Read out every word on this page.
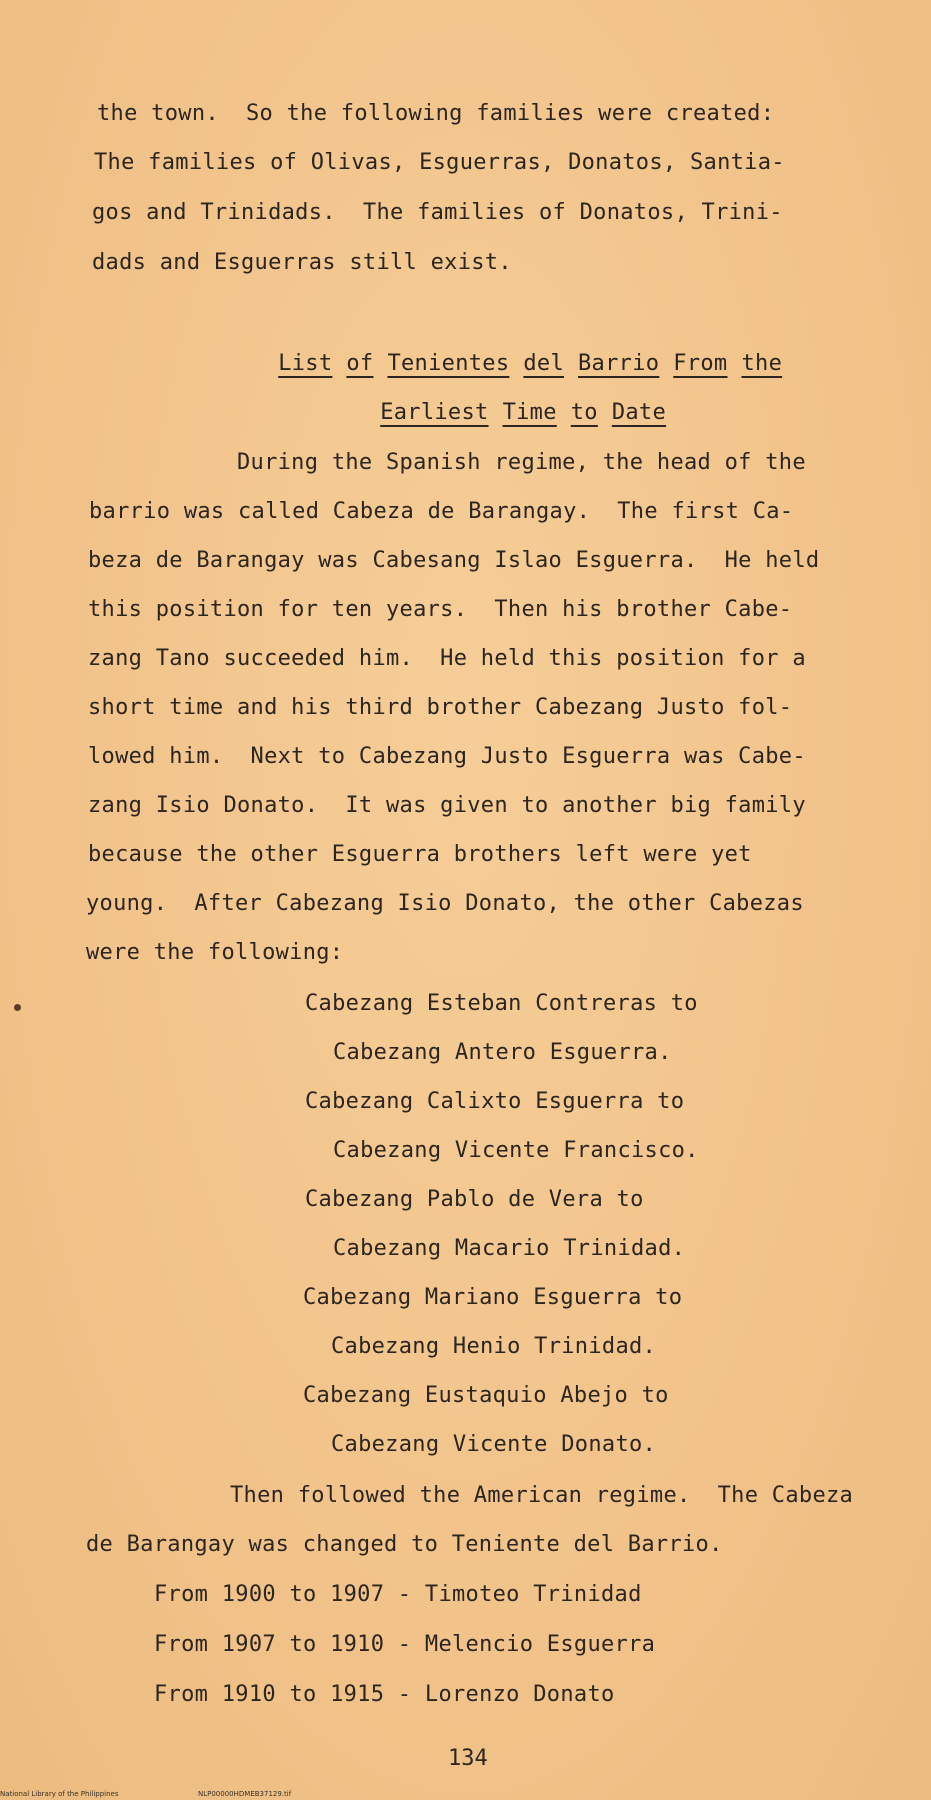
the town.  So the following families were created:
The families of Olivas, Esguerras, Donatos, Santia-
gos and Trinidads.  The families of Donatos, Trini-
dads and Esguerras still exist.

List of Tenientes del Barrio From the

Earliest Time to Date

During the Spanish regime, the head of the
barrio was called Cabeza de Barangay.  The first Ca-
beza de Barangay was Cabesang Islao Esguerra.  He held
this position for ten years.  Then his brother Cabe-
zang Tano succeeded him.  He held this position for a
short time and his third brother Cabezang Justo fol-
lowed him.  Next to Cabezang Justo Esguerra was Cabe-
zang Isio Donato.  It was given to another big family
because the other Esguerra brothers left were yet
young.  After Cabezang Isio Donato, the other Cabezas
were the following:
Cabezang Esteban Contreras to
Cabezang Antero Esguerra.
Cabezang Calixto Esguerra to
Cabezang Vicente Francisco.
Cabezang Pablo de Vera to
Cabezang Macario Trinidad.
Cabezang Mariano Esguerra to
Cabezang Henio Trinidad.
Cabezang Eustaquio Abejo to
Cabezang Vicente Donato.
Then followed the American regime.  The Cabeza
de Barangay was changed to Teniente del Barrio.
From 1900 to 1907 - Timoteo Trinidad
From 1907 to 1910 - Melencio Esguerra
From 1910 to 1915 - Lorenzo Donato
134
National Library of the Philippines	NLP00000HDMEB37129.tif
